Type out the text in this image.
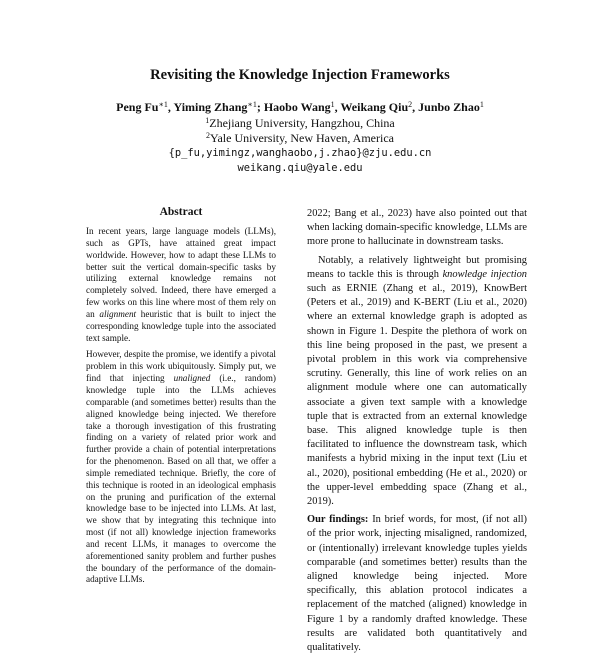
Revisiting the Knowledge Injection Frameworks
Peng $Fu^{∗1}$, Yiming Zhang$^{∗1}$; Haobo Wang$^1$, Weikang Qiu$^2$, Junbo Zhao$^1$
$^1$Zhejiang University, Hangzhou, China
$^2$Yale University, New Haven, America
{p_fu,yimingz,wanghaobo,j.zhao}@zju.edu.cn
weikang.qiu@yale.edu
Abstract

In recent years, large language models (LLMs), such as GPTs, have attained great impact worldwide. However, how to adapt these LLMs to better suit the vertical domain-specific tasks by utilizing external knowledge remains not completely solved. Indeed, there have emerged a few works on this line where most of them rely on an alignment heuristic that is built to inject the corresponding knowledge tuple into the associated text sample.

However, despite the promise, we identify a pivotal problem in this work ubiquitously. Simply put, we find that injecting unaligned (i.e., random) knowledge tuple into the LLMs achieves comparable (and sometimes better) results than the aligned knowledge being injected. We therefore take a thorough investigation of this frustrating finding on a variety of related prior work and further provide a chain of potential interpretations for the phenomenon. Based on all that, we offer a simple remediated technique. Briefly, the core of this technique is rooted in an ideological emphasis on the pruning and purification of the external knowledge base to be injected into LLMs. At last, we show that by integrating this technique into most (if not all) knowledge injection frameworks and recent LLMs, it manages to overcome the aforementioned sanity problem and further pushes the boundary of the performance of the domain-adaptive LLMs.

2022; Bang et al., 2023) have also pointed out that when lacking domain-specific knowledge, LLMs are more prone to hallucinate in downstream tasks.

Notably, a relatively lightweight but promising means to tackle this is through knowledge injection such as ERNIE (Zhang et al., 2019), KnowBert (Peters et al., 2019) and K-BERT (Liu et al., 2020) where an external knowledge graph is adopted as shown in Figure 1. Despite the plethora of work on this line being proposed in the past, we present a pivotal problem in this work via comprehensive scrutiny. Generally, this line of work relies on an alignment module where one can automatically associate a given text sample with a knowledge tuple that is extracted from an external knowledge base. This aligned knowledge tuple is then facilitated to influence the downstream task, which manifests a hybrid mixing in the input text (Liu et al., 2020), positional embedding (He et al., 2020) or the upper-level embedding space (Zhang et al., 2019).

Our findings: In brief words, for most, (if not all) of the prior work, injecting misaligned, randomized, or (intentionally) irrelevant knowledge tuples yields comparable (and sometimes better) results than the aligned knowledge being injected. More specifically, this ablation protocol indicates a replacement of the matched (aligned) knowledge in Figure 1 by a randomly drafted knowledge. These results are validated both quantitatively and qualitatively.
